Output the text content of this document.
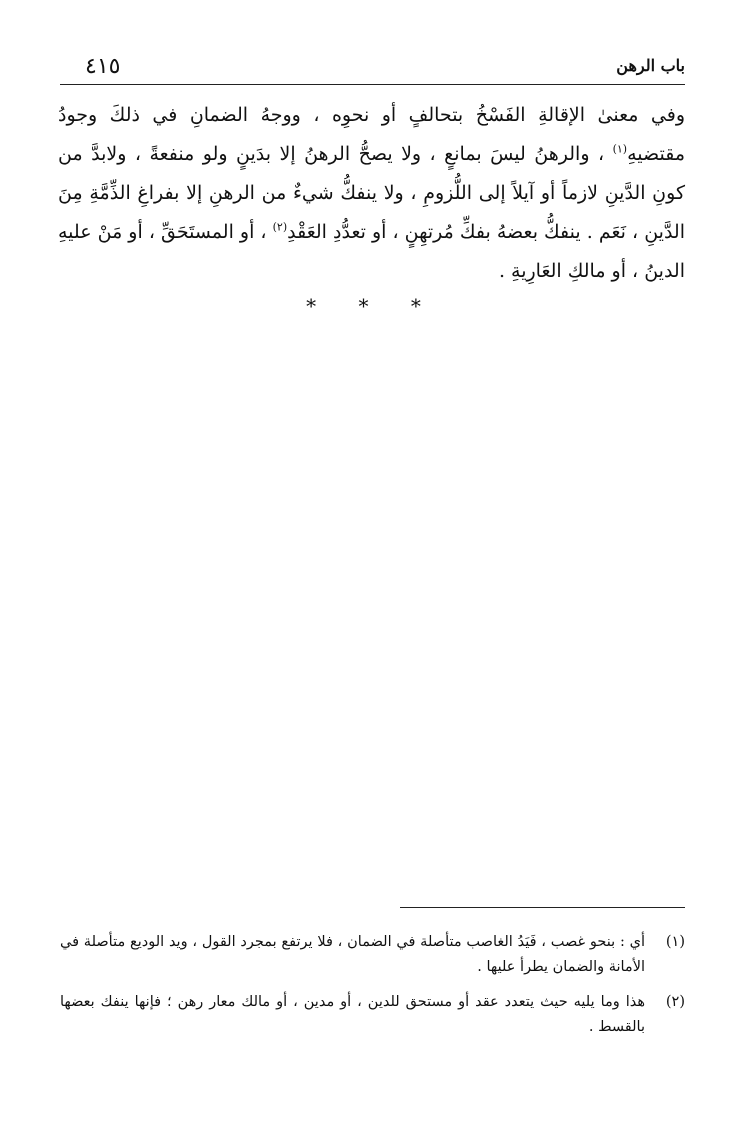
٤١٥	باب الرهن

وفي معنىٰ الإقالةِ الفَسْخُ بتحالفٍ أو نحوِه ، ووجهُ الضمانِ في ذلكَ وجودُ مقتضيهِ$^{(١)}$ ، والرهنُ ليسَ بمانعٍ ، ولا يصحُّ الرهنُ إلا بدَينٍ ولو منفعةً ، ولابدَّ من كونِ الدَّينِ لازماً أو آيلاً إلى اللُّزومِ ، ولا ينفكُّ شيءٌ من الرهنِ إلا بفراغِ الذِّمَّةِ مِنَ الدَّينِ ، نَعَم . ينفكُّ بعضهُ بفكِّ مُرتهِنٍ ، أو تعدُّدِ العَقْدِ$^{(٢)}$ ، أو المستَحَقِّ ، أو مَنْ عليهِ الدينُ ، أو مالكِ العَارِيةِ .

* * *
(١)
أي : بنحو غصب ، فَيَدُ الغاصب متأصلة في الضمان ، فلا يرتفع بمجرد القول ، ويد الوديع متأصلة في الأمانة والضمان يطرأ عليها .
(٢)
هذا وما يليه حيث يتعدد عقد أو مستحق للدين ، أو مدين ، أو مالك معار رهن ؛ فإنها ينفك بعضها بالقسط .
